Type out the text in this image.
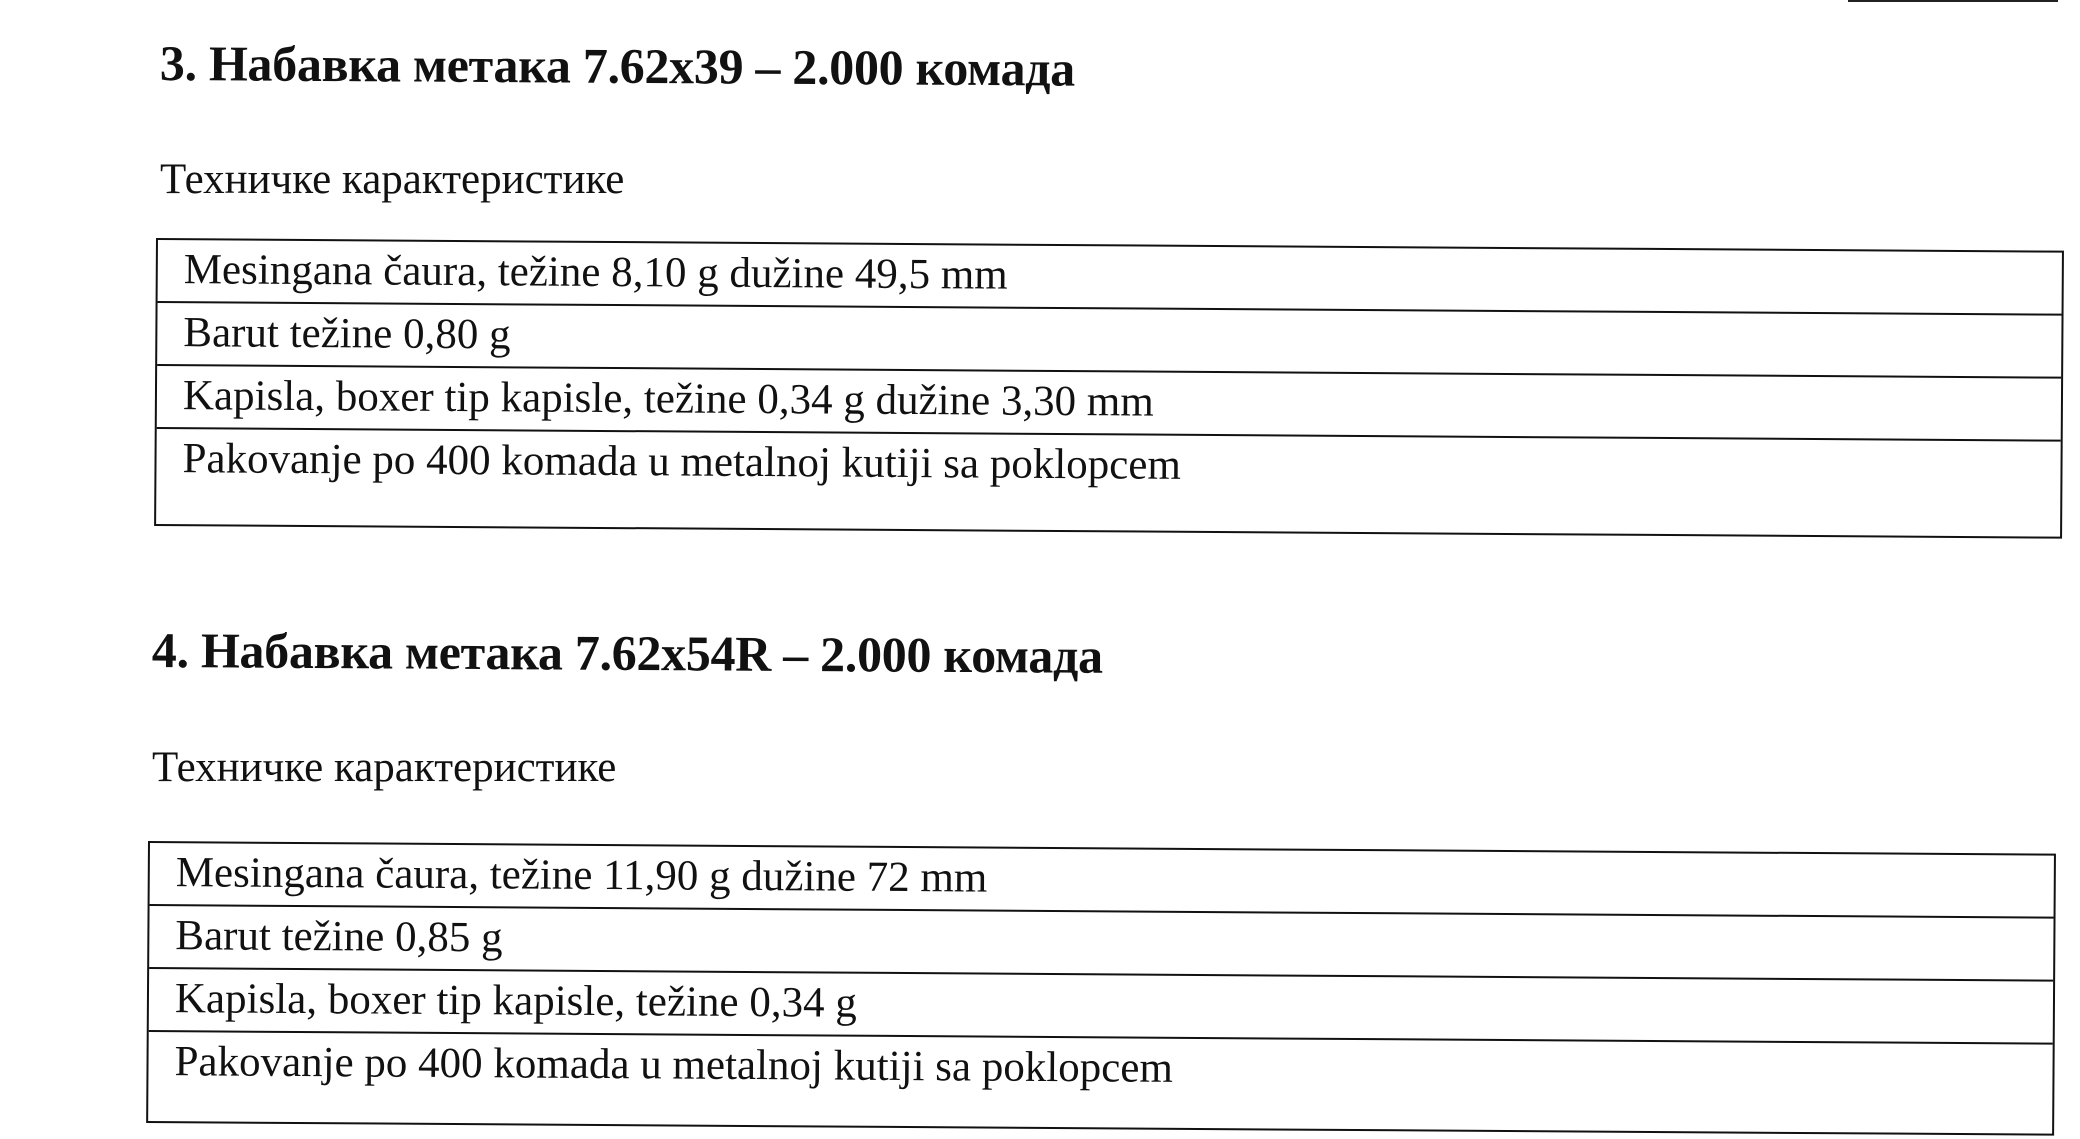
3. Набавка метака 7.62x39 – 2.000 комада
Техничке карактеристике
Mesingana čaura, težine 8,10 g dužine 49,5 mm
Barut težine 0,80 g
Kapisla, boxer tip kapisle, težine 0,34 g dužine 3,30 mm
Pakovanje po 400 komada u metalnoj kutiji sa poklopcem
4. Набавка метака 7.62x54R – 2.000 комада
Техничке карактеристике
Mesingana čaura, težine 11,90 g dužine 72 mm
Barut težine 0,85 g
Kapisla, boxer tip kapisle, težine 0,34 g
Pakovanje po 400 komada u metalnoj kutiji sa poklopcem
